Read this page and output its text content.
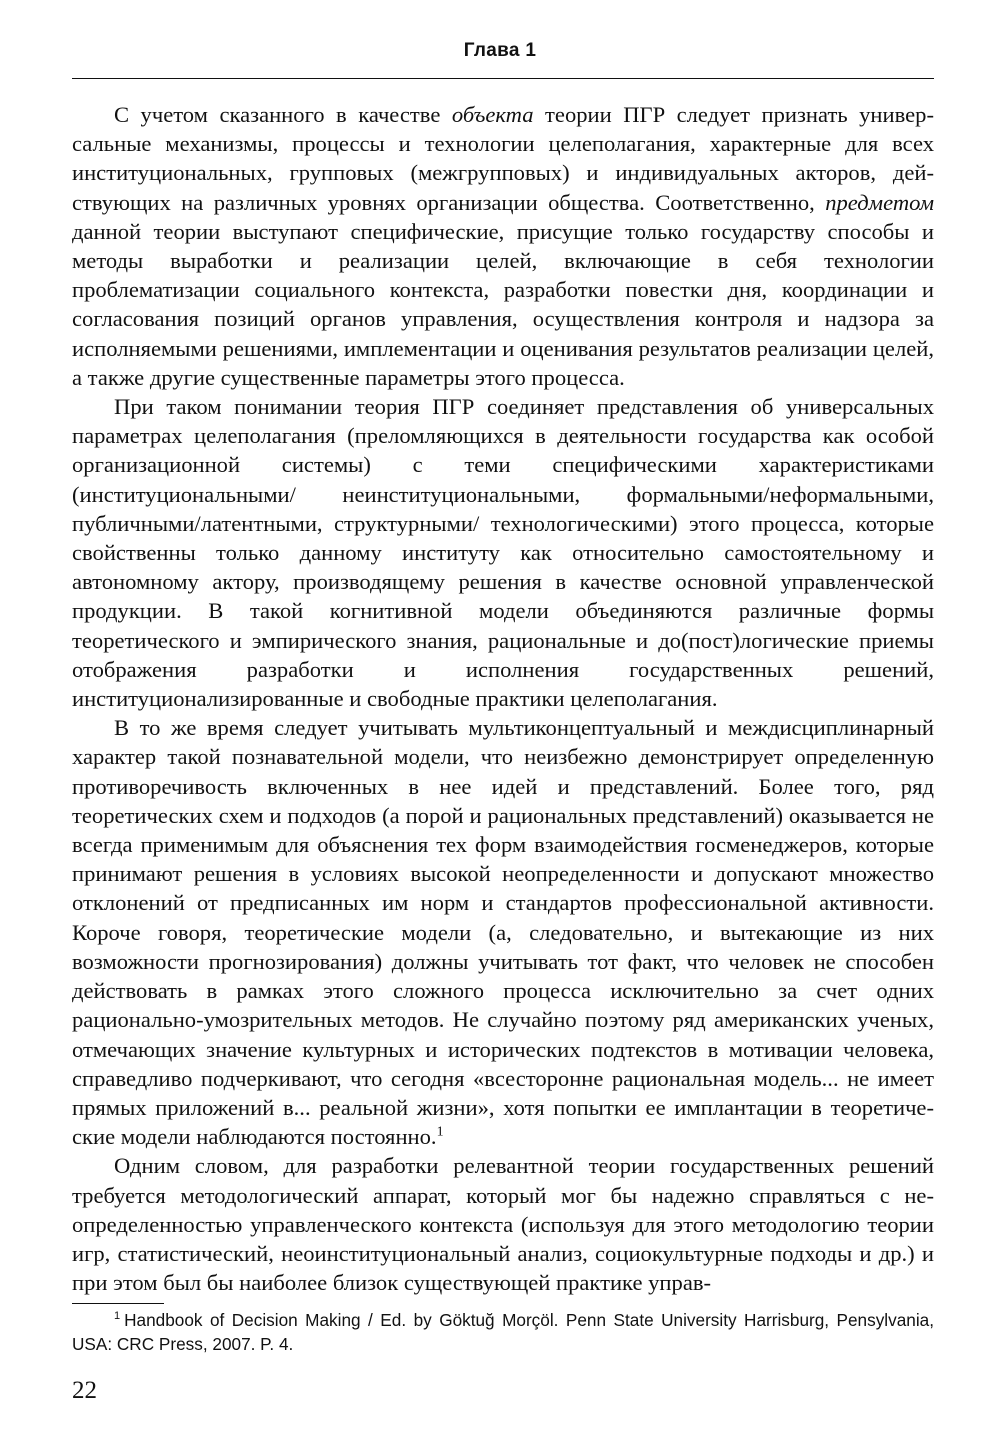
Глава 1

С учетом сказанного в качестве объекта теории ПГР следует признать универсальные механизмы, процессы и технологии целеполагания, характерные для всех институциональных, групповых (межгрупповых) и индивидуальных акторов, действующих на различных уровнях организации общества. Соответственно, предметом данной теории выступают специфические, присущие только государству способы и методы выработки и реализации целей, включающие в себя технологии проблематизации социального контекста, разработки повестки дня, координации и согласования позиций органов управления, осуществления контроля и надзора за исполняемыми решениями, имплементации и оценивания результатов реализации целей, а также другие существенные параметры этого процесса.

При таком понимании теория ПГР соединяет представления об универсальных параметрах целеполагания (преломляющихся в деятельности государства как особой организационной системы) с теми специфическими характеристиками (институциональными/ неинституциональными, формальными/неформальными, публичными/латентными, структурными/ технологическими) этого процесса, которые свойственны только данному институту как относительно самостоятельному и автономному актору, производящему решения в качестве основной управленческой продукции. В такой когнитивной модели объединяются различные формы теоретического и эмпирического знания, рациональные и до(пост)логические приемы отображения разработки и исполнения государственных решений, институционализированные и свободные практики целеполагания.

В то же время следует учитывать мультиконцептуальный и междисциплинарный характер такой познавательной модели, что неизбежно демонстрирует определенную противоречивость включенных в нее идей и представлений. Более того, ряд теоретических схем и подходов (а порой и рациональных представлений) оказывается не всегда применимым для объяснения тех форм взаимодействия госменеджеров, которые принимают решения в условиях высокой неопределенности и допускают множество отклонений от предписанных им норм и стандартов профессиональной активности. Короче говоря, теоретические модели (а, следовательно, и вытекающие из них возможности прогнозирования) должны учитывать тот факт, что человек не способен действовать в рамках этого сложного процесса исключительно за счет одних рационально-умозрительных методов. Не случайно поэтому ряд американских ученых, отмечающих значение культурных и исторических подтекстов в мотивации человека, справедливо подчеркивают, что сегодня «всесторонне рациональная модель... не имеет прямых приложений в... реальной жизни», хотя попытки ее имплантации в теоретические модели наблюдаются постоянно.$^1$

Одним словом, для разработки релевантной теории государственных решений требуется методологический аппарат, который мог бы надежно справляться с неопределенностью управленческого контекста (используя для этого методологию теории игр, статистический, неоинституциональный анализ, социокультурные подходы и др.) и при этом был бы наиболее близок существующей практике управ-

$^1$ Handbook of Decision Making / Ed. by Göktuğ Morçöl. Penn State University Harrisburg, Pensylvania, USA: CRC Press, 2007. P. 4.
22
